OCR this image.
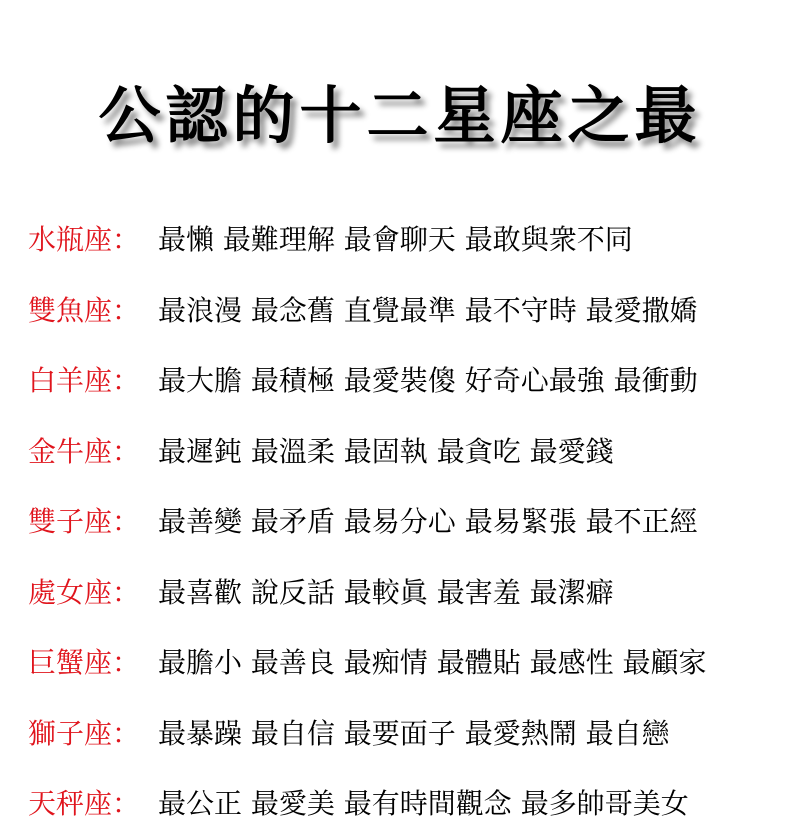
公認的十二星座之最
水瓶座： 最懶 最難理解 最會聊天 最敢與衆不同
雙魚座： 最浪漫 最念舊 直覺最準 最不守時 最愛撒嬌
白羊座： 最大膽 最積極 最愛裝傻 好奇心最強 最衝動
金牛座： 最遲鈍 最溫柔 最固執 最貪吃 最愛錢
雙子座： 最善變 最矛盾 最易分心 最易緊張 最不正經
處女座： 最喜歡 說反話 最較眞 最害羞 最潔癖
巨蟹座： 最膽小 最善良 最痴情 最體貼 最感性 最顧家
獅子座： 最暴躁 最自信 最要面子 最愛熱鬧 最自戀
天秤座： 最公正 最愛美 最有時間觀念 最多帥哥美女
